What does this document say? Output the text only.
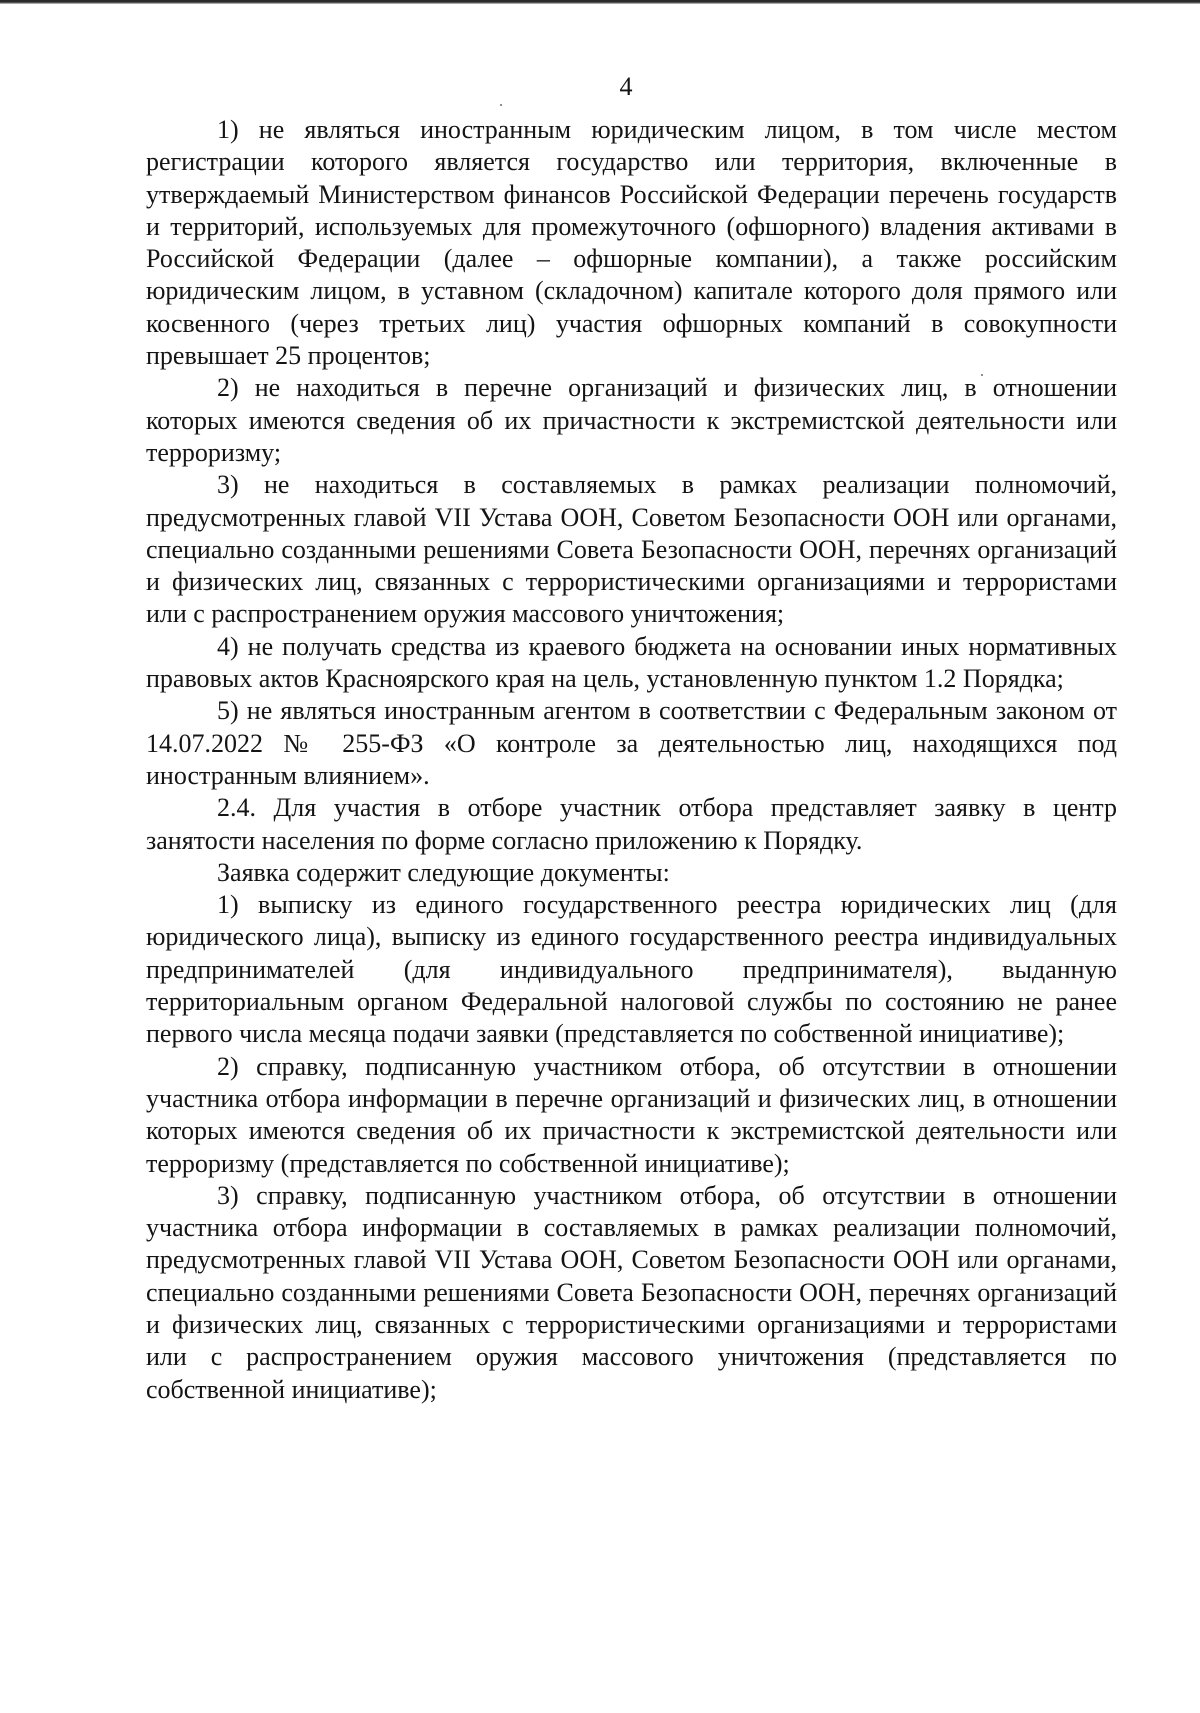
4

1) не являться иностранным юридическим лицом, в том числе местом регистрации которого является государство или территория, включенные в утверждаемый Министерством финансов Российской Федерации перечень государств и территорий, используемых для промежуточного (офшорного) владения активами в Российской Федерации (далее – офшорные компании), а также российским юридическим лицом, в уставном (складочном) капитале которого доля прямого или косвенного (через третьих лиц) участия офшорных компаний в совокупности превышает 25 процентов;

2) не находиться в перечне организаций и физических лиц, в отношении которых имеются сведения об их причастности к экстремистской деятельности или терроризму;

3) не находиться в составляемых в рамках реализации полномочий, предусмотренных главой VII Устава ООН, Советом Безопасности ООН или органами, специально созданными решениями Совета Безопасности ООН, перечнях организаций и физических лиц, связанных с террористическими организациями и террористами или с распространением оружия массового уничтожения;

4) не получать средства из краевого бюджета на основании иных нормативных правовых актов Красноярского края на цель, установленную пунктом 1.2 Порядка;

5) не являться иностранным агентом в соответствии с Федеральным законом от 14.07.2022 № 255-ФЗ «О контроле за деятельностью лиц, находящихся под иностранным влиянием».

2.4. Для участия в отборе участник отбора представляет заявку в центр занятости населения по форме согласно приложению к Порядку.

Заявка содержит следующие документы:

1) выписку из единого государственного реестра юридических лиц (для юридического лица), выписку из единого государственного реестра индивидуальных предпринимателей (для индивидуального предпринимателя), выданную территориальным органом Федеральной налоговой службы по состоянию не ранее первого числа месяца подачи заявки (представляется по собственной инициативе);

2) справку, подписанную участником отбора, об отсутствии в отношении участника отбора информации в перечне организаций и физических лиц, в отношении которых имеются сведения об их причастности к экстремистской деятельности или терроризму (представляется по собственной инициативе);

3) справку, подписанную участником отбора, об отсутствии в отношении участника отбора информации в составляемых в рамках реализации полномочий, предусмотренных главой VII Устава ООН, Советом Безопасности ООН или органами, специально созданными решениями Совета Безопасности ООН, перечнях организаций и физических лиц, связанных с террористическими организациями и террористами или с распространением оружия массового уничтожения (представляется по собственной инициативе);
